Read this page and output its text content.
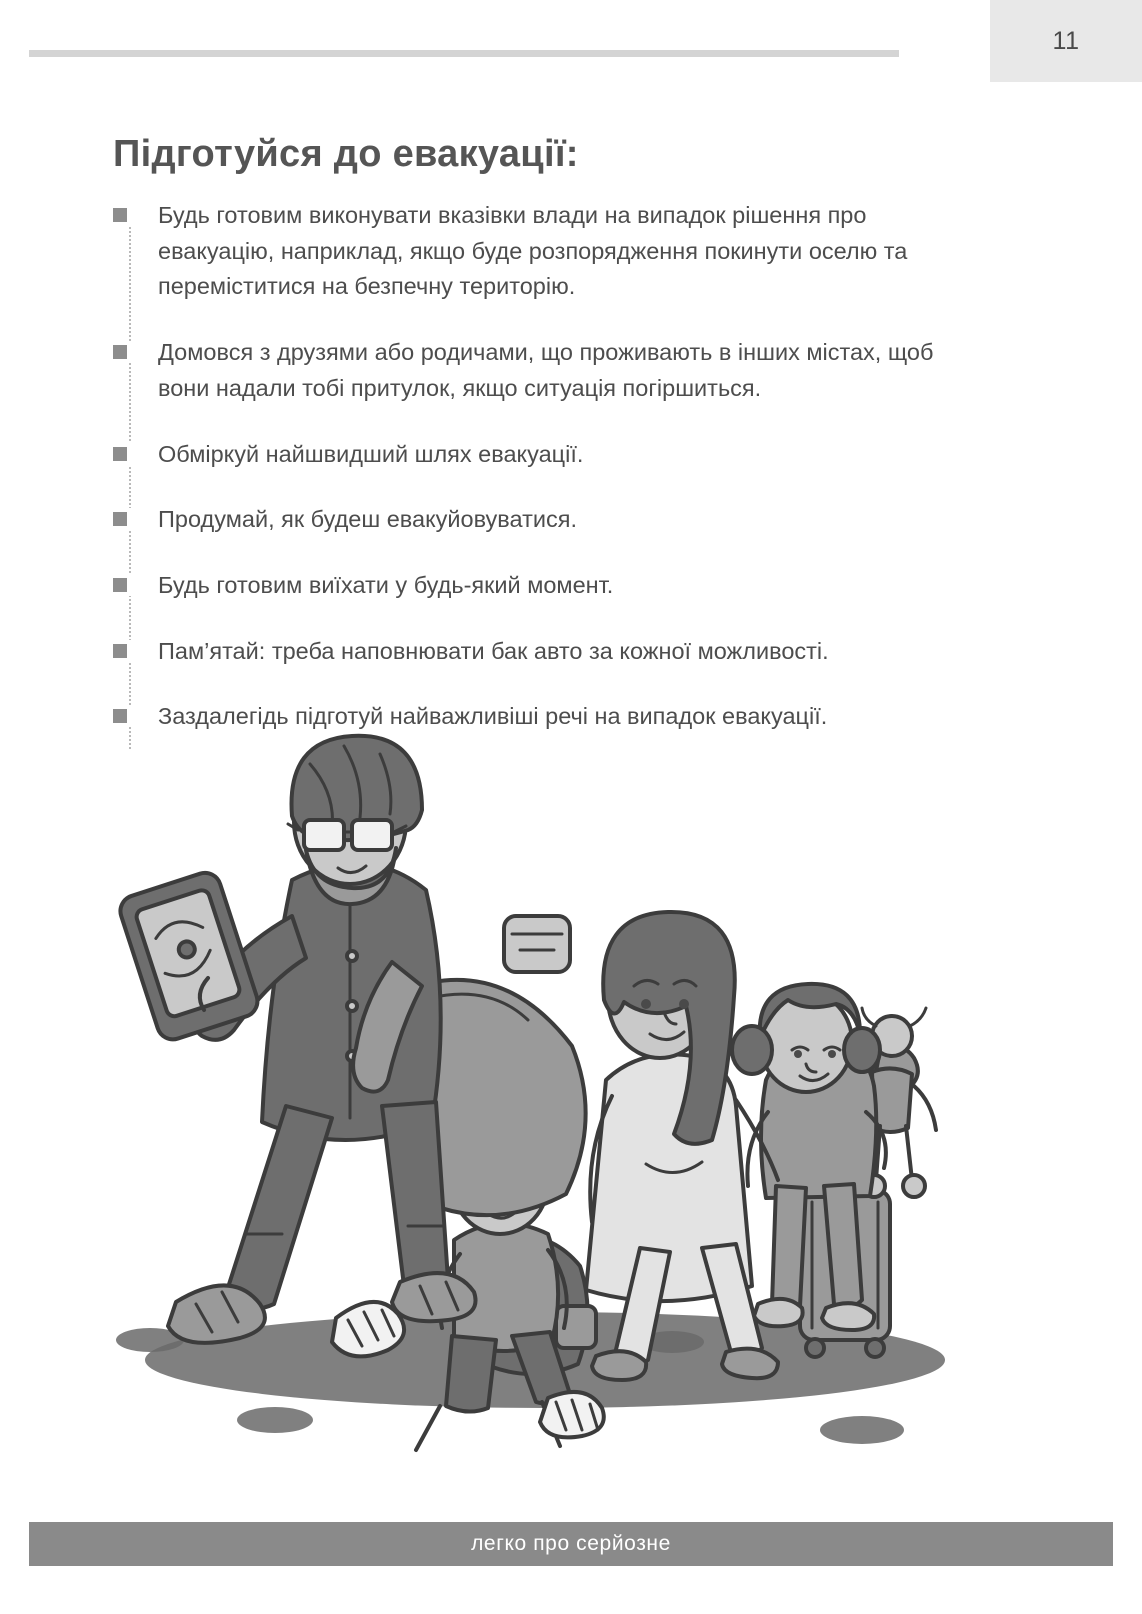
11
Підготуйся до евакуації:
Будь готовим виконувати вказівки влади на випадок рішення про евакуацію, наприклад, якщо буде розпорядження покинути оселю та переміститися на безпечну територію.
Домовся з друзями або родичами, що проживають в інших містах, щоб вони надали тобі притулок, якщо ситуація погіршиться.
Обміркуй найшвидший шлях евакуації.
Продумай, як будеш евакуйовуватися.
Будь готовим виїхати у будь-який момент.
Пам’ятай: треба наповнювати бак авто за кожної можливості.
Заздалегідь підготуй найважливіші речі на випадок евакуації.
легко про серйозне
